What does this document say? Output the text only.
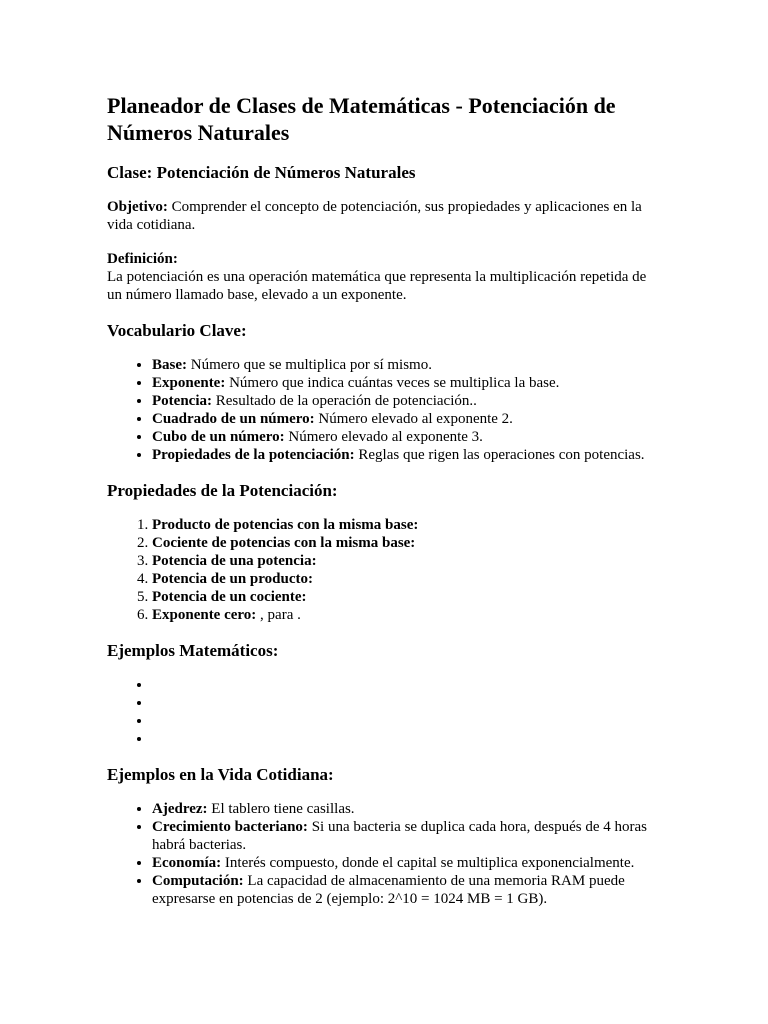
Planeador de Clases de Matemáticas - Potenciación de Números Naturales
Clase: Potenciación de Números Naturales

Objetivo: Comprender el concepto de potenciación, sus propiedades y aplicaciones en la vida cotidiana.

Definición:
La potenciación es una operación matemática que representa la multiplicación repetida de un número llamado base, elevado a un exponente.

Vocabulario Clave:
• Base: Número que se multiplica por sí mismo.
• Exponente: Número que indica cuántas veces se multiplica la base.
• Potencia: Resultado de la operación de potenciación..
• Cuadrado de un número: Número elevado al exponente 2.
• Cubo de un número: Número elevado al exponente 3.
• Propiedades de la potenciación: Reglas que rigen las operaciones con potencias.
Propiedades de la Potenciación:
1. Producto de potencias con la misma base:
2. Cociente de potencias con la misma base:
3. Potencia de una potencia:
4. Potencia de un producto:
5. Potencia de un cociente:
6. Exponente cero: , para .
Ejemplos Matemáticos:
•
•
•
•
Ejemplos en la Vida Cotidiana:
• Ajedrez: El tablero tiene casillas.
• Crecimiento bacteriano: Si una bacteria se duplica cada hora, después de 4 horas habrá bacterias.
• Economía: Interés compuesto, donde el capital se multiplica exponencialmente.
• Computación: La capacidad de almacenamiento de una memoria RAM puede expresarse en potencias de 2 (ejemplo: 2^10 = 1024 MB = 1 GB).
